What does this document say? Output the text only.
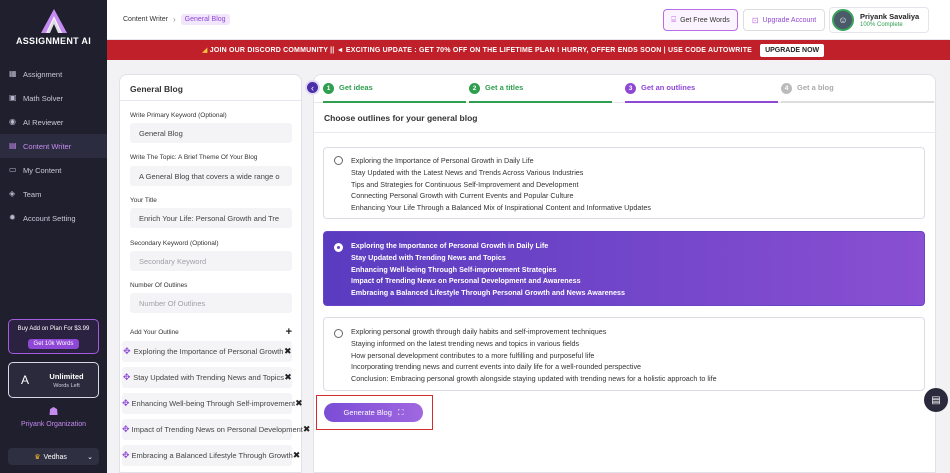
ASSIGNMENT AI
▦ Assignment
▣ Math Solver
◉ AI Reviewer
▤ Content Writer
▭ My Content
◈ Team
✹ Account Setting
Buy Add on Plan For $3.99
Get 10k Words
Α	Unlimited
Words Left
☗
Priyank Organization
♛ Vedhas	⌄
Content Writer ›	General Blog	⌸ Get Free Words	⊡ Upgrade Account	☺	Priyank Savaliya
100% Complete
◢ JOIN OUR DISCORD COMMUNITY || ◄ EXCITING UPDATE : GET 70% OFF ON THE LIFETIME PLAN ! HURRY, OFFER ENDS SOON | USE CODE AUTOWRITE	UPGRADE NOW
General Blog
Write Primary Keyword (Optional)
General Blog
Write The Topic: A Brief Theme Of Your Blog
A General Blog that covers a wide range o
Your Title
Enrich Your Life: Personal Growth and Tre
Secondary Keyword (Optional)
Secondary Keyword
Number Of Outlines
Number Of Outlines
Add Your Outline	+
✥ Exploring the Importance of Personal Growth ✖
✥ Stay Updated with Trending News and Topics ✖
✥ Enhancing Well-being Through Self-improvement ✖
✥ Impact of Trending News on Personal Development ✖
✥ Embracing a Balanced Lifestyle Through Growth ✖
1	Get ideas	2	Get a titles	3	Get an outlines	4	Get a blog
Choose outlines for your general blog
Exploring the Importance of Personal Growth in Daily Life
Stay Updated with the Latest News and Trends Across Various Industries
Tips and Strategies for Continuous Self-Improvement and Development
Connecting Personal Growth with Current Events and Popular Culture
Enhancing Your Life Through a Balanced Mix of Inspirational Content and Informative Updates
Exploring the Importance of Personal Growth in Daily Life
Stay Updated with Trending News and Topics
Enhancing Well-being Through Self-improvement Strategies
Impact of Trending News on Personal Development and Awareness
Embracing a Balanced Lifestyle Through Personal Growth and News Awareness
Exploring personal growth through daily habits and self-improvement techniques
Staying informed on the latest trending news and topics in various fields
How personal development contributes to a more fulfilling and purposeful life
Incorporating trending news and current events into daily life for a well-rounded perspective
Conclusion: Embracing personal growth alongside staying updated with trending news for a holistic approach to life
Generate Blog ⛶
‹
▤
